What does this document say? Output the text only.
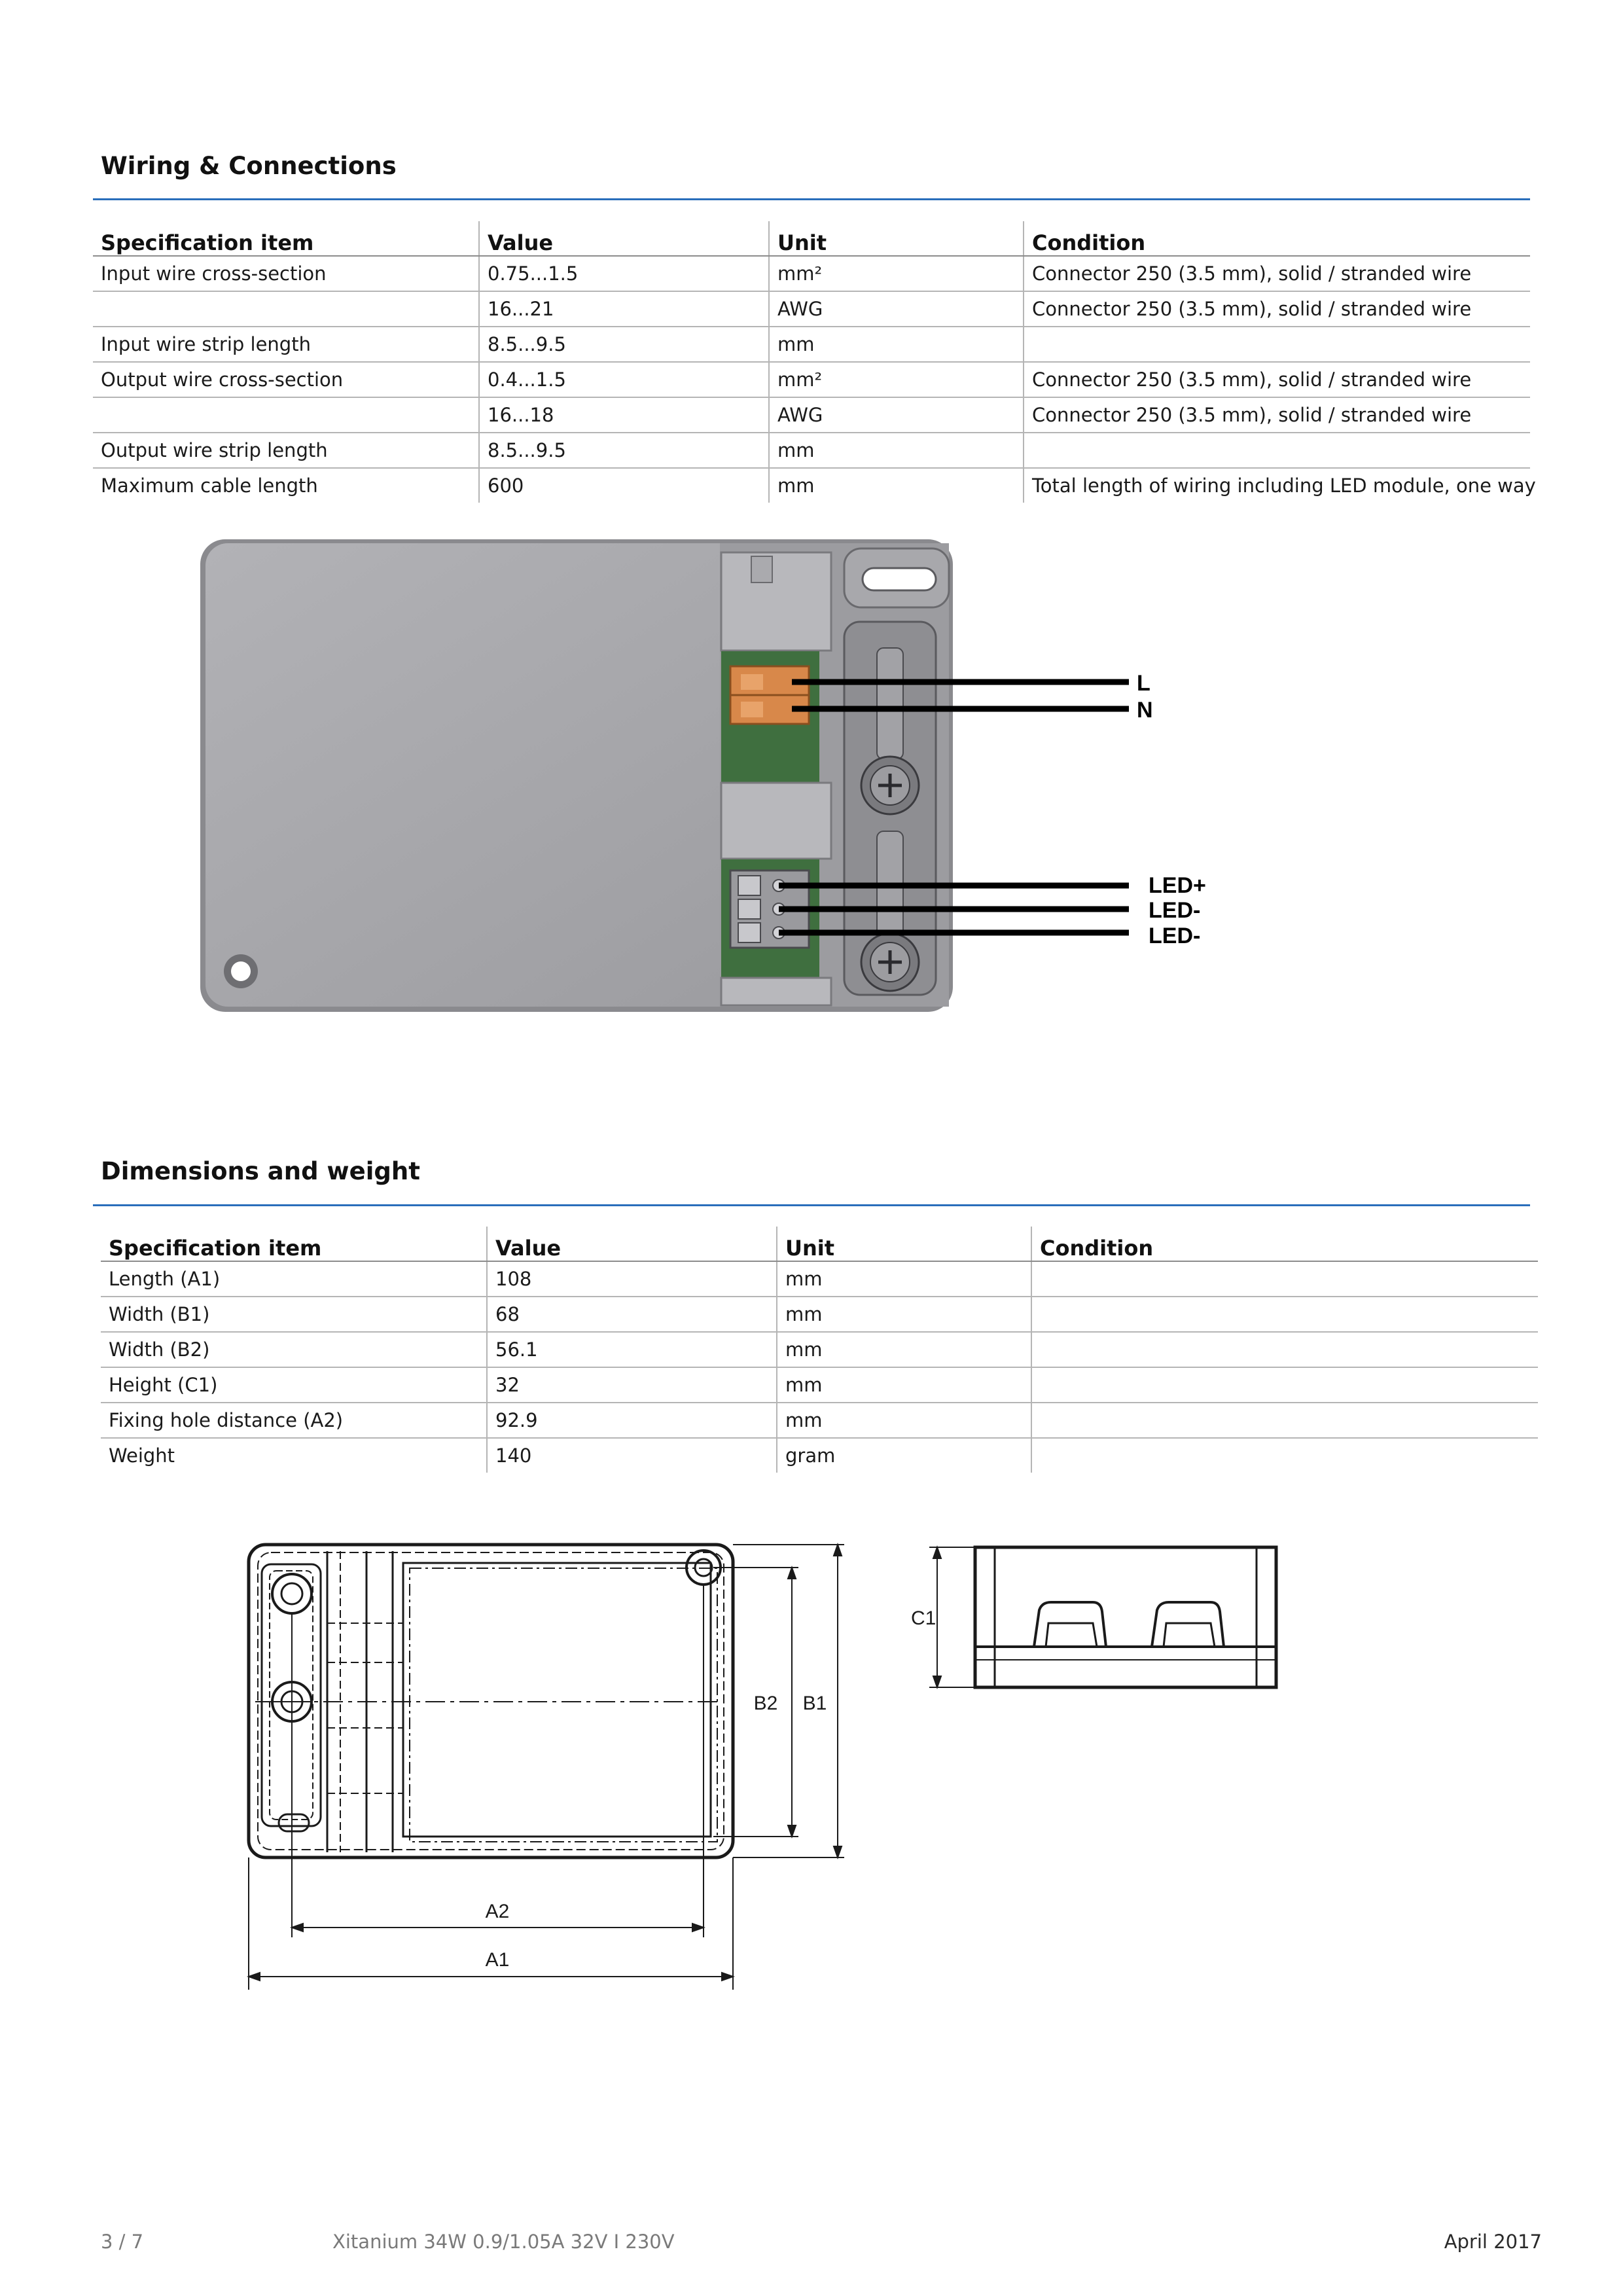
Wiring & Connections
Specification item	Value	Unit	Condition
Input wire cross-section	0.75...1.5	mm²	Connector 250 (3.5 mm), solid / stranded wire
	16...21	AWG	Connector 250 (3.5 mm), solid / stranded wire
Input wire strip length	8.5...9.5	mm	
Output wire cross-section	0.4...1.5	mm²	Connector 250 (3.5 mm), solid / stranded wire
	16...18	AWG	Connector 250 (3.5 mm), solid / stranded wire
Output wire strip length	8.5...9.5	mm	
Maximum cable length	600	mm	Total length of wiring including LED module, one way
L
N
LED+
LED-
LED-
Dimensions and weight
Specification item	Value	Unit	Condition
Length (A1)	108	mm	
Width (B1)	68	mm	
Width (B2)	56.1	mm	
Height (C1)	32	mm	
Fixing hole distance (A2)	92.9	mm	
Weight	140	gram	
B2 B1
A2
A1
C1
3 / 7	Xitanium 34W 0.9/1.05A 32V I 230V	April 2017
